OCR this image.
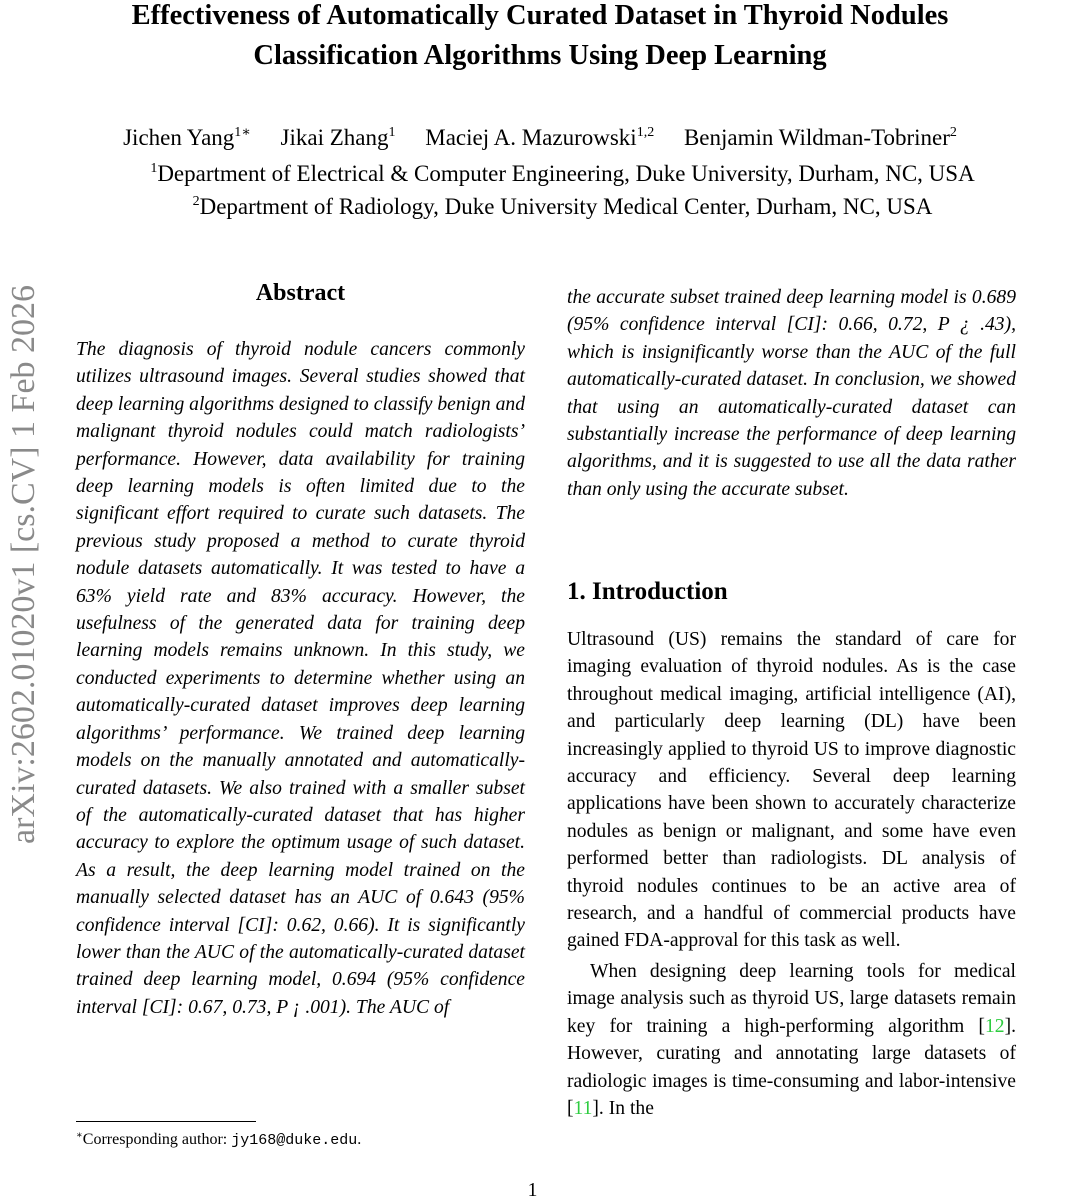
Effectiveness of Automatically Curated Dataset in Thyroid Nodules
Classification Algorithms Using Deep Learning
Jichen Yang$^{1∗}$ Jikai Zhang$^1$ Maciej A. Mazurowski$^{1,2}$ Benjamin Wildman-Tobriner$^2$
$^1$Department of Electrical & Computer Engineering, Duke University, Durham, NC, USA
$^2$Department of Radiology, Duke University Medical Center, Durham, NC, USA
arXiv:2602.01020v1 [cs.CV] 1 Feb 2026	Abstract

The diagnosis of thyroid nodule cancers commonly utilizes ultrasound images. Several studies showed that deep learning algorithms designed to classify benign and malignant thyroid nodules could match radiologists’ performance. However, data availability for training deep learning models is often limited due to the significant effort required to curate such datasets. The previous study proposed a method to curate thyroid nodule datasets automatically. It was tested to have a 63% yield rate and 83% accuracy. However, the usefulness of the generated data for training deep learning models remains unknown. In this study, we conducted experiments to determine whether using an automatically-curated dataset improves deep learning algorithms’ performance. We trained deep learning models on the manually annotated and automatically-curated datasets. We also trained with a smaller subset of the automatically-curated dataset that has higher accuracy to explore the optimum usage of such dataset. As a result, the deep learning model trained on the manually selected dataset has an AUC of 0.643 (95% confidence interval [CI]: 0.62, 0.66). It is significantly lower than the AUC of the automatically-curated dataset trained deep learning model, 0.694 (95% confidence interval [CI]: 0.67, 0.73, P ¡ .001). The AUC of

the accurate subset trained deep learning model is 0.689 (95% confidence interval [CI]: 0.66, 0.72, P ¿ .43), which is insignificantly worse than the AUC of the full automatically-curated dataset. In conclusion, we showed that using an automatically-curated dataset can substantially increase the performance of deep learning algorithms, and it is suggested to use all the data rather than only using the accurate subset.

1. Introduction

Ultrasound (US) remains the standard of care for imaging evaluation of thyroid nodules. As is the case throughout medical imaging, artificial intelligence (AI), and particularly deep learning (DL) have been increasingly applied to thyroid US to improve diagnostic accuracy and efficiency. Several deep learning applications have been shown to accurately characterize nodules as benign or malignant, and some have even performed better than radiologists. DL analysis of thyroid nodules continues to be an active area of research, and a handful of commercial products have gained FDA-approval for this task as well.

When designing deep learning tools for medical image analysis such as thyroid US, large datasets remain key for training a high-performing algorithm [12]. However, curating and annotating large datasets of radiologic images is time-consuming and labor-intensive [11]. In the

∗Corresponding author: jy168@duke.edu.
1
